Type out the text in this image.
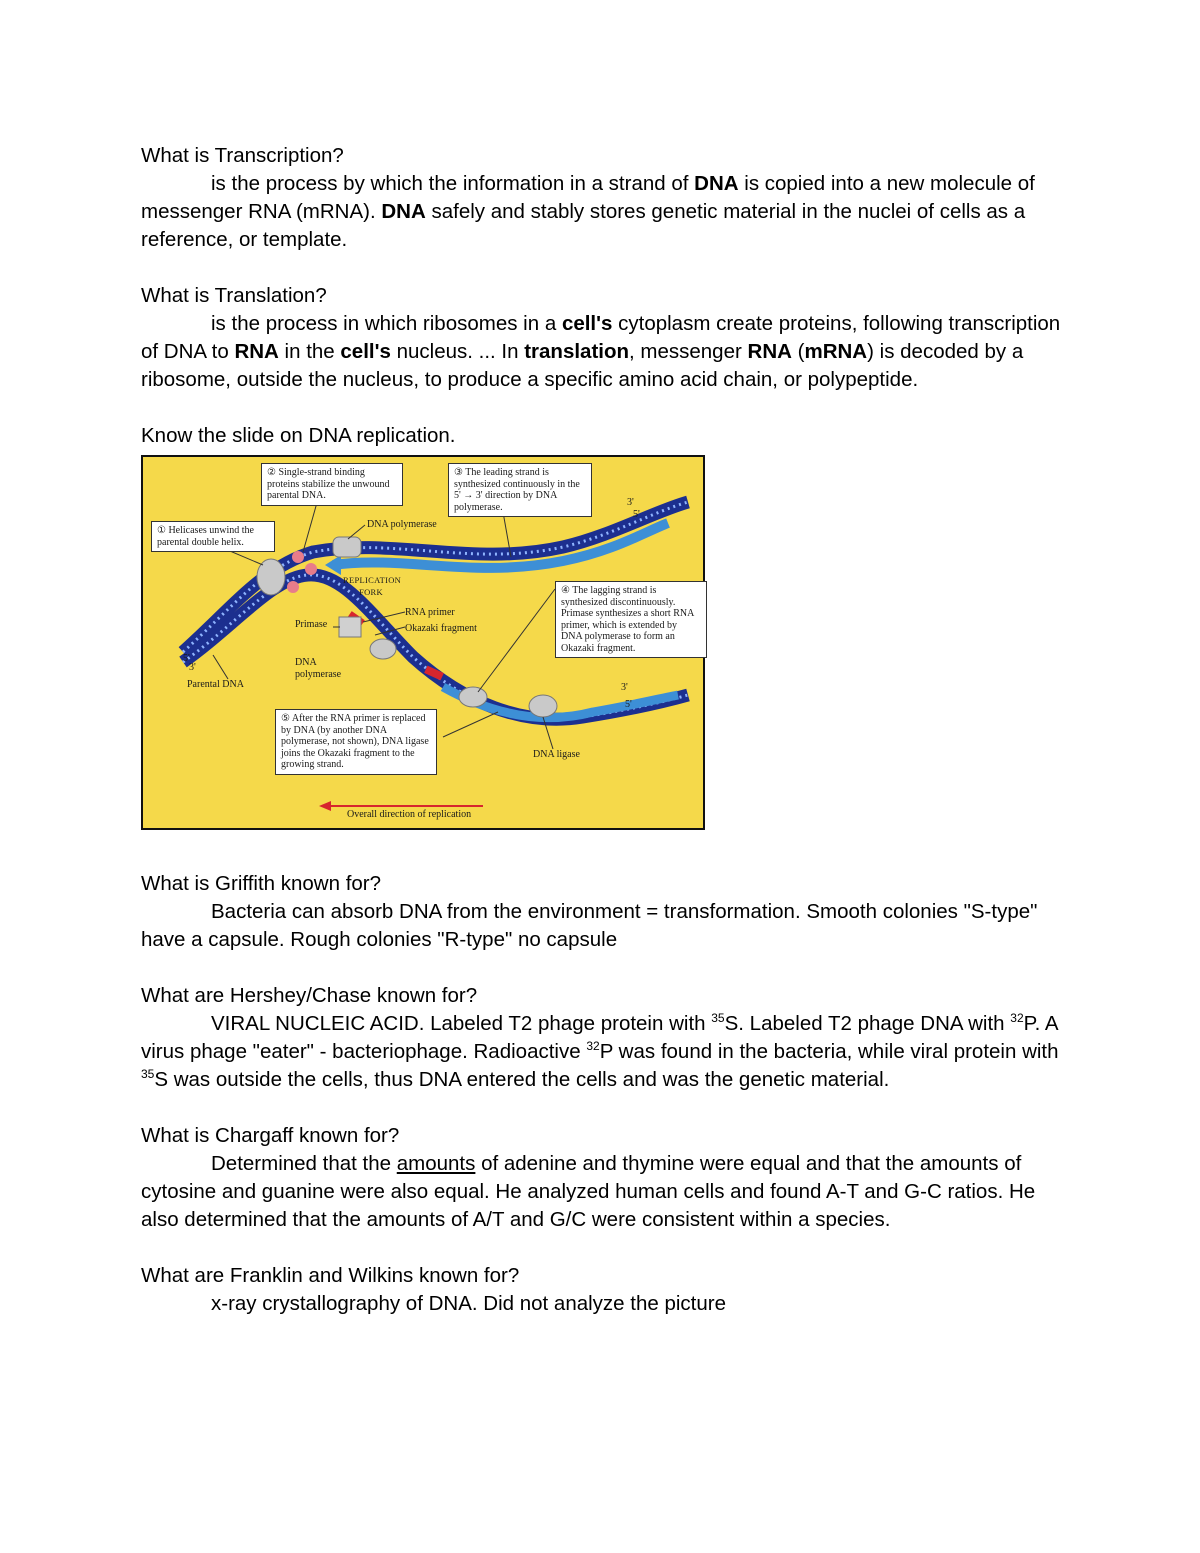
What is Transcription?

is the process by which the information in a strand of DNA is copied into a new molecule of messenger RNA (mRNA). DNA safely and stably stores genetic material in the nuclei of cells as a reference, or template.

What is Translation?

is the process in which ribosomes in a cell's cytoplasm create proteins, following transcription of DNA to RNA in the cell's nucleus. ... In translation, messenger RNA (mRNA) is decoded by a ribosome, outside the nucleus, to produce a specific amino acid chain, or polypeptide.

Know the slide on DNA replication.

① Helicases unwind the parental double helix.
② Single-strand binding proteins stabilize the unwound parental DNA.
③ The leading strand is synthesized continuously in the 5' → 3' direction by DNA polymerase.
④ The lagging strand is synthesized discontinuously. Primase synthesizes a short RNA primer, which is extended by DNA polymerase to form an Okazaki fragment.
⑤ After the RNA primer is replaced by DNA (by another DNA polymerase, not shown), DNA ligase joins the Okazaki fragment to the growing strand.
DNA polymerase
REPLICATION FORK
RNA primer
Okazaki fragment
Primase
DNA polymerase
Parental DNA
DNA ligase
Overall direction of replication
5'
3'
3'
5'
3'
5'

What is Griffith known for?

Bacteria can absorb DNA from the environment = transformation. Smooth colonies "S-type" have a capsule. Rough colonies "R-type" no capsule

What are Hershey/Chase known for?

VIRAL NUCLEIC ACID. Labeled T2 phage protein with $^{35}$S. Labeled T2 phage DNA with $^{32}$P. A virus phage "eater" - bacteriophage. Radioactive $^{32}$P was found in the bacteria, while viral protein with $^{35}$S was outside the cells, thus DNA entered the cells and was the genetic material.

What is Chargaff known for?

Determined that the amounts of adenine and thymine were equal and that the amounts of cytosine and guanine were also equal. He analyzed human cells and found A-T and G-C ratios. He also determined that the amounts of A/T and G/C were consistent within a species.

What are Franklin and Wilkins known for?

x-ray crystallography of DNA. Did not analyze the picture
